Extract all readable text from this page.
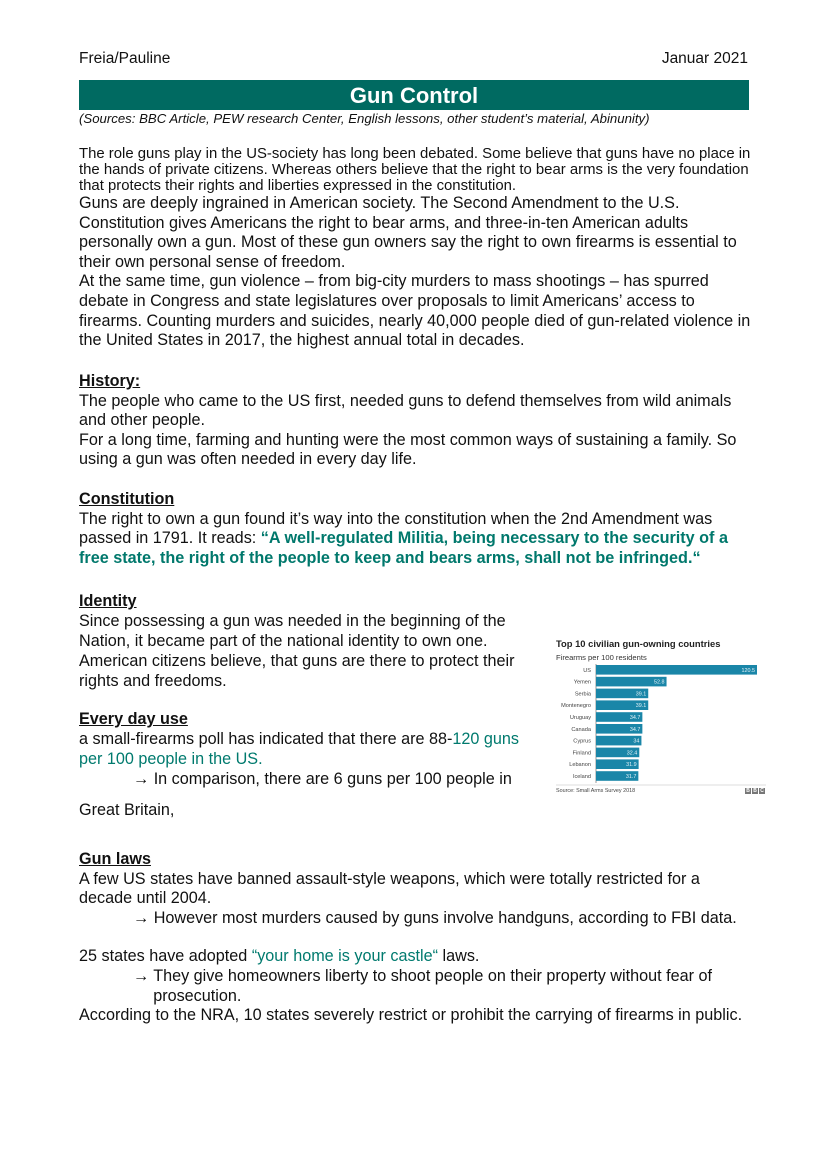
Freia/Pauline	Januar 2021
Gun Control
(Sources: BBC Article, PEW research Center, English lessons, other student’s material, Abinunity)
The role guns play in the US-society has long been debated. Some believe that guns have no place in the hands of private citizens. Whereas others believe that the right to bear arms is the very foundation that protects their rights and liberties expressed in the constitution.
Guns are deeply ingrained in American society. The Second Amendment to the U.S. Constitution gives Americans the right to bear arms, and three-in-ten American adults personally own a gun. Most of these gun owners say the right to own firearms is essential to their own personal sense of freedom.
At the same time, gun violence – from big-city murders to mass shootings – has spurred debate in Congress and state legislatures over proposals to limit Americans’ access to firearms. Counting murders and suicides, nearly 40,000 people died of gun-related violence in the United States in 2017, the highest annual total in decades.
History:
The people who came to the US first, needed guns to defend themselves from wild animals and other people.
For a long time, farming and hunting were the most common ways of sustaining a family. So using a gun was often needed in every day life.
Constitution
The right to own a gun found it’s way into the constitution when the 2nd Amendment was passed in 1791. It reads: “A well-regulated Militia, being necessary to the security of a free state, the right of the people to keep and bears arms, shall not be infringed.“
Identity
Since possessing a gun was needed in the beginning of the Nation, it became part of the national identity to own one. American citizens believe, that guns are there to protect their rights and freedoms.
Every day use
a small-firearms poll has indicated that there are 88-120 guns per 100 people in the US.
→ In comparison, there are 6 guns per 100 people in
Great Britain,
Gun laws
A few US states have banned assault-style weapons, which were totally restricted for a decade until 2004.
→ However most murders caused by guns involve handguns, according to FBI data.
25 states have adopted “your home is your castle“ laws.
→ They give homeowners liberty to shoot people on their property without fear of prosecution.
According to the NRA, 10 states severely restrict or prohibit the carrying of firearms in public.
Top 10 civilian gun-owning countries
Firearms per 100 residents
US	120.5
Yemen	52.8
Serbia	39.1
Montenegro	39.1
Uruguay	34.7
Canada	34.7
Cyprus	34
Finland	32.4
Lebanon	31.9
Iceland	31.7
Source: Small Arms Survey 2018	B B C
